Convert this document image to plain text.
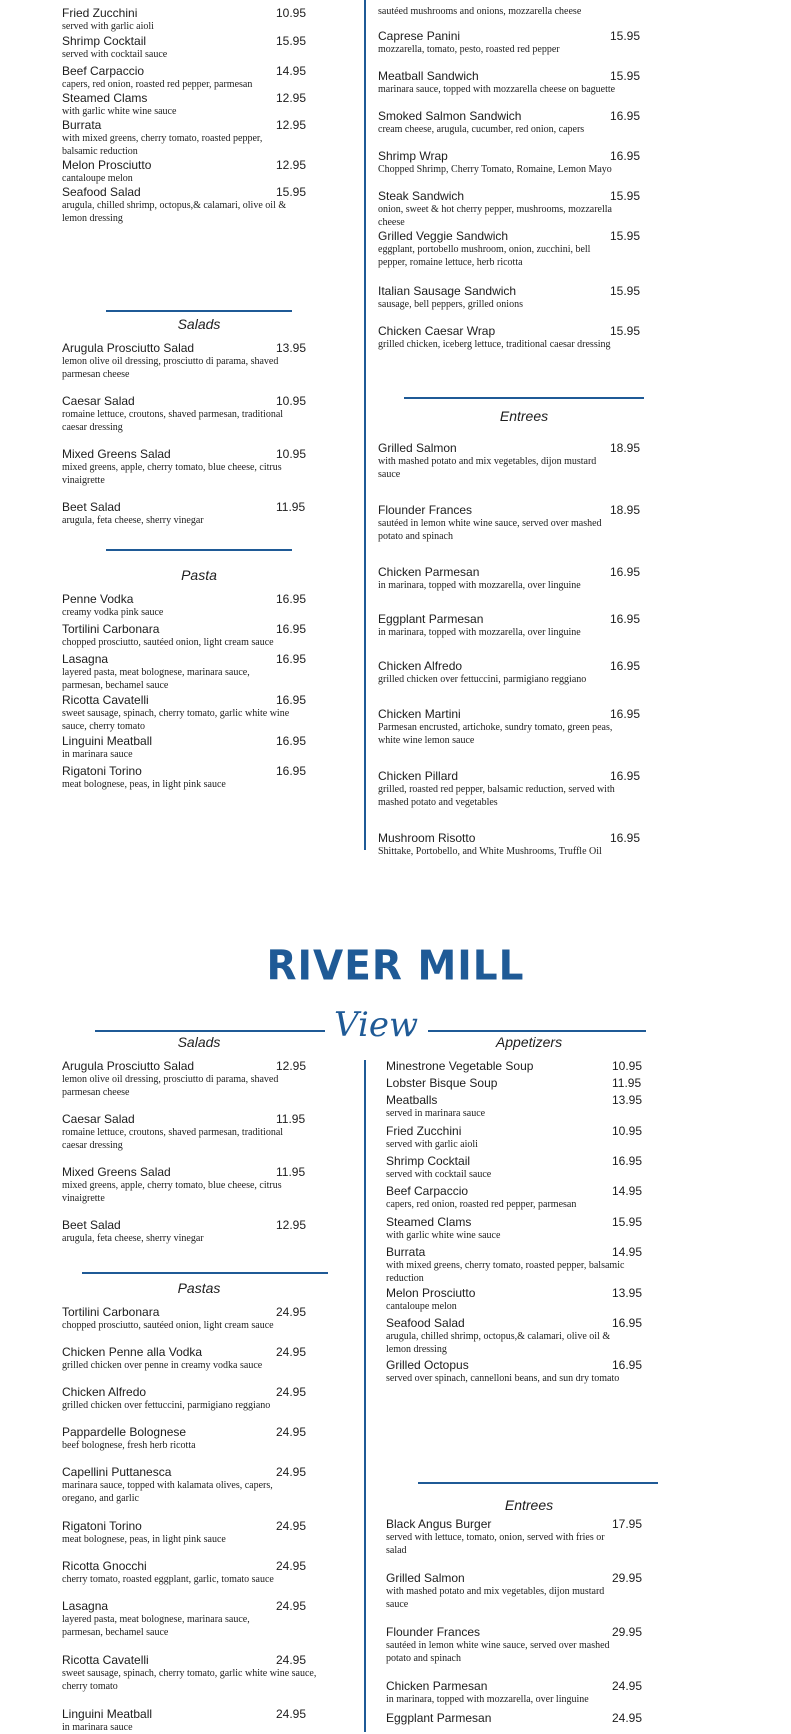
Fried Zucchini	10.95
served with garlic aioli
Shrimp Cocktail	15.95
served with cocktail sauce
Beef Carpaccio	14.95
capers, red onion, roasted red pepper, parmesan
Steamed Clams	12.95
with garlic white wine sauce
Burrata	12.95
with mixed greens, cherry tomato, roasted pepper,
balsamic reduction
Melon Prosciutto	12.95
cantaloupe melon
Seafood Salad	15.95
arugula, chilled shrimp, octopus,& calamari, olive oil &
lemon dressing
Salads
Arugula Prosciutto Salad	13.95
lemon olive oil dressing, prosciutto di parama, shaved
parmesan cheese
Caesar Salad	10.95
romaine lettuce, croutons, shaved parmesan, traditional
caesar dressing
Mixed Greens Salad	10.95
mixed greens, apple, cherry tomato, blue cheese, citrus
vinaigrette
Beet Salad	11.95
arugula, feta cheese, sherry vinegar
Pasta
Penne Vodka	16.95
creamy vodka pink sauce
Tortilini Carbonara	16.95
chopped prosciutto, sautéed onion, light cream sauce
Lasagna	16.95
layered pasta, meat bolognese, marinara sauce,
parmesan, bechamel sauce
Ricotta Cavatelli	16.95
sweet sausage, spinach, cherry tomato, garlic white wine
sauce, cherry tomato
Linguini Meatball	16.95
in marinara sauce
Rigatoni Torino	16.95
meat bolognese, peas, in light pink sauce
sautéed mushrooms and onions, mozzarella cheese
Caprese Panini	15.95
mozzarella, tomato, pesto, roasted red pepper
Meatball Sandwich	15.95
marinara sauce, topped with mozzarella cheese on baguette
Smoked Salmon Sandwich	16.95
cream cheese, arugula, cucumber, red onion, capers
Shrimp Wrap	16.95
Chopped Shrimp, Cherry Tomato, Romaine, Lemon Mayo
Steak Sandwich	15.95
onion, sweet & hot cherry pepper, mushrooms, mozzarella
cheese
Grilled Veggie Sandwich	15.95
eggplant, portobello mushroom, onion, zucchini, bell
pepper, romaine lettuce, herb ricotta
Italian Sausage Sandwich	15.95
sausage, bell peppers, grilled onions
Chicken Caesar Wrap	15.95
grilled chicken, iceberg lettuce, traditional caesar dressing
Entrees
Grilled Salmon	18.95
with mashed potato and mix vegetables, dijon mustard
sauce
Flounder Frances	18.95
sautéed in lemon white wine sauce, served over mashed
potato and spinach
Chicken Parmesan	16.95
in marinara, topped with mozzarella, over linguine
Eggplant Parmesan	16.95
in marinara, topped with mozzarella, over linguine
Chicken Alfredo	16.95
grilled chicken over fettuccini, parmigiano reggiano
Chicken Martini	16.95
Parmesan encrusted, artichoke, sundry tomato, green peas,
white wine lemon sauce
Chicken Pillard	16.95
grilled, roasted red pepper, balsamic reduction, served with
mashed potato and vegetables
Mushroom Risotto	16.95
Shittake, Portobello, and White Mushrooms, Truffle Oil
RIVER MILL
View
Salads
Arugula Prosciutto Salad	12.95
lemon olive oil dressing, prosciutto di parama, shaved
parmesan cheese
Caesar Salad	11.95
romaine lettuce, croutons, shaved parmesan, traditional
caesar dressing
Mixed Greens Salad	11.95
mixed greens, apple, cherry tomato, blue cheese, citrus
vinaigrette
Beet Salad	12.95
arugula, feta cheese, sherry vinegar
Pastas
Tortilini Carbonara	24.95
chopped prosciutto, sautéed onion, light cream sauce
Chicken Penne alla Vodka	24.95
grilled chicken over penne in creamy vodka sauce
Chicken Alfredo	24.95
grilled chicken over fettuccini, parmigiano reggiano
Pappardelle Bolognese	24.95
beef bolognese, fresh herb ricotta
Capellini Puttanesca	24.95
marinara sauce, topped with kalamata olives, capers,
oregano, and garlic
Rigatoni Torino	24.95
meat bolognese, peas, in light pink sauce
Ricotta Gnocchi	24.95
cherry tomato, roasted eggplant, garlic, tomato sauce
Lasagna	24.95
layered pasta, meat bolognese, marinara sauce,
parmesan, bechamel sauce
Ricotta Cavatelli	24.95
sweet sausage, spinach, cherry tomato, garlic white wine sauce,
cherry tomato
Linguini Meatball	24.95
in marinara sauce
Appetizers
Minestrone Vegetable Soup	10.95
Lobster Bisque Soup	11.95
Meatballs	13.95
served in marinara sauce
Fried Zucchini	10.95
served with garlic aioli
Shrimp Cocktail	16.95
served with cocktail sauce
Beef Carpaccio	14.95
capers, red onion, roasted red pepper, parmesan
Steamed Clams	15.95
with garlic white wine sauce
Burrata	14.95
with mixed greens, cherry tomato, roasted pepper, balsamic
reduction
Melon Prosciutto	13.95
cantaloupe melon
Seafood Salad	16.95
arugula, chilled shrimp, octopus,& calamari, olive oil &
lemon dressing
Grilled Octopus	16.95
served over spinach, cannelloni beans, and sun dry tomato
Entrees
Black Angus Burger	17.95
served with lettuce, tomato, onion, served with fries or
salad
Grilled Salmon	29.95
with mashed potato and mix vegetables, dijon mustard
sauce
Flounder Frances	29.95
sautéed in lemon white wine sauce, served over mashed
potato and spinach
Chicken Parmesan	24.95
in marinara, topped with mozzarella, over linguine
Eggplant Parmesan	24.95
